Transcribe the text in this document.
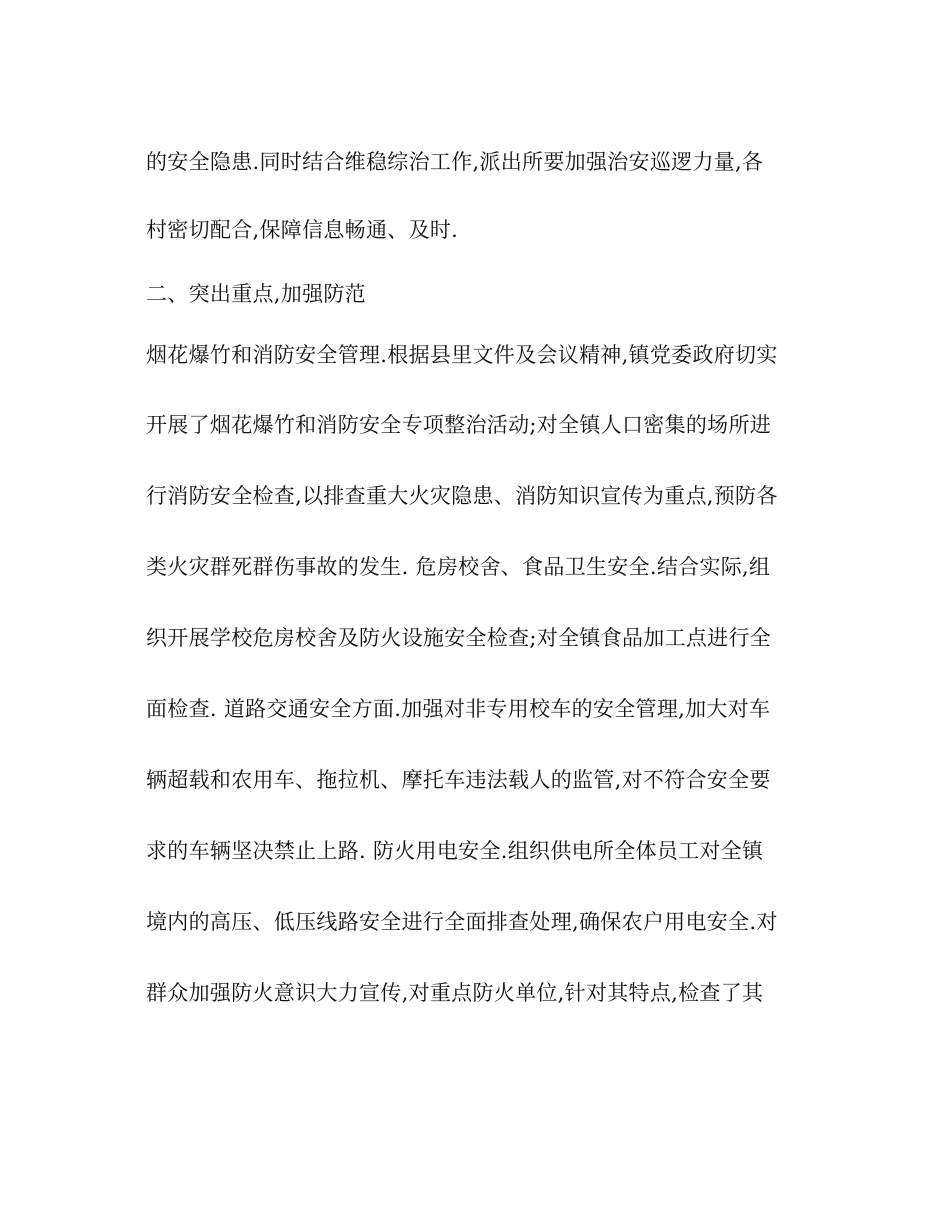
的安全隐患.同时结合维稳综治工作,派出所要加强治安巡逻力量,各
村密切配合,保障信息畅通、及时.
二、突出重点,加强防范
烟花爆竹和消防安全管理.根据县里文件及会议精神,镇党委政府切实
开展了烟花爆竹和消防安全专项整治活动;对全镇人口密集的场所进
行消防安全检查,以排查重大火灾隐患、消防知识宣传为重点,预防各
类火灾群死群伤事故的发生. 危房校舍、食品卫生安全.结合实际,组
织开展学校危房校舍及防火设施安全检查;对全镇食品加工点进行全
面检查. 道路交通安全方面.加强对非专用校车的安全管理,加大对车
辆超载和农用车、拖拉机、摩托车违法载人的监管,对不符合安全要
求的车辆坚决禁止上路. 防火用电安全.组织供电所全体员工对全镇
境内的高压、低压线路安全进行全面排查处理,确保农户用电安全.对
群众加强防火意识大力宣传,对重点防火单位,针对其特点,检查了其
